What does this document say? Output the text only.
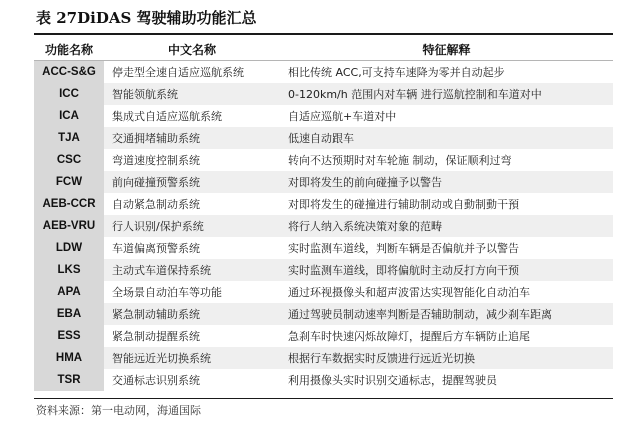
表 27DiDAS 驾驶辅助功能汇总
功能名称	中文名称	特征解释
ACC-S&G	停走型全速自适应巡航系统	相比传统 ACC,可支持车速降为零并自动起步
ICC	智能领航系统	0-120km/h 范围内对车辆 进行巡航控制和车道对中
ICA	集成式自适应巡航系统	自适应巡航+车道对中
TJA	交通拥堵辅助系统	低速自动跟车
CSC	弯道速度控制系统	转向不达预期时对车轮施 制动，保证顺利过弯
FCW	前向碰撞预警系统	对即将发生的前向碰撞予以警告
AEB-CCR	自动紧急制动系统	对即将发生的碰撞进行辅助制动或自動制動干預
AEB-VRU	行人识别/保护系统	将行人纳入系统决策对象的范畴
LDW	车道偏离预警系统	实时监测车道线，判断车辆是否偏航并予以警告
LKS	主动式车道保持系统	实时监测车道线，即将偏航时主动反打方向干预
APA	全场景自动泊车等功能	通过环视摄像头和超声波雷达实现智能化自动泊车
EBA	紧急制动辅助系统	通过驾驶员制动速率判断是否辅助制动，减少刹车距离
ESS	紧急制动提醒系统	急刹车时快速闪烁故障灯，提醒后方车辆防止追尾
HMA	智能远近光切换系统	根据行车数据实时反馈进行远近光切换
TSR	交通标志识别系统	利用摄像头实时识别交通标志，提醒驾驶员
资料来源：第一电动网，海通国际
